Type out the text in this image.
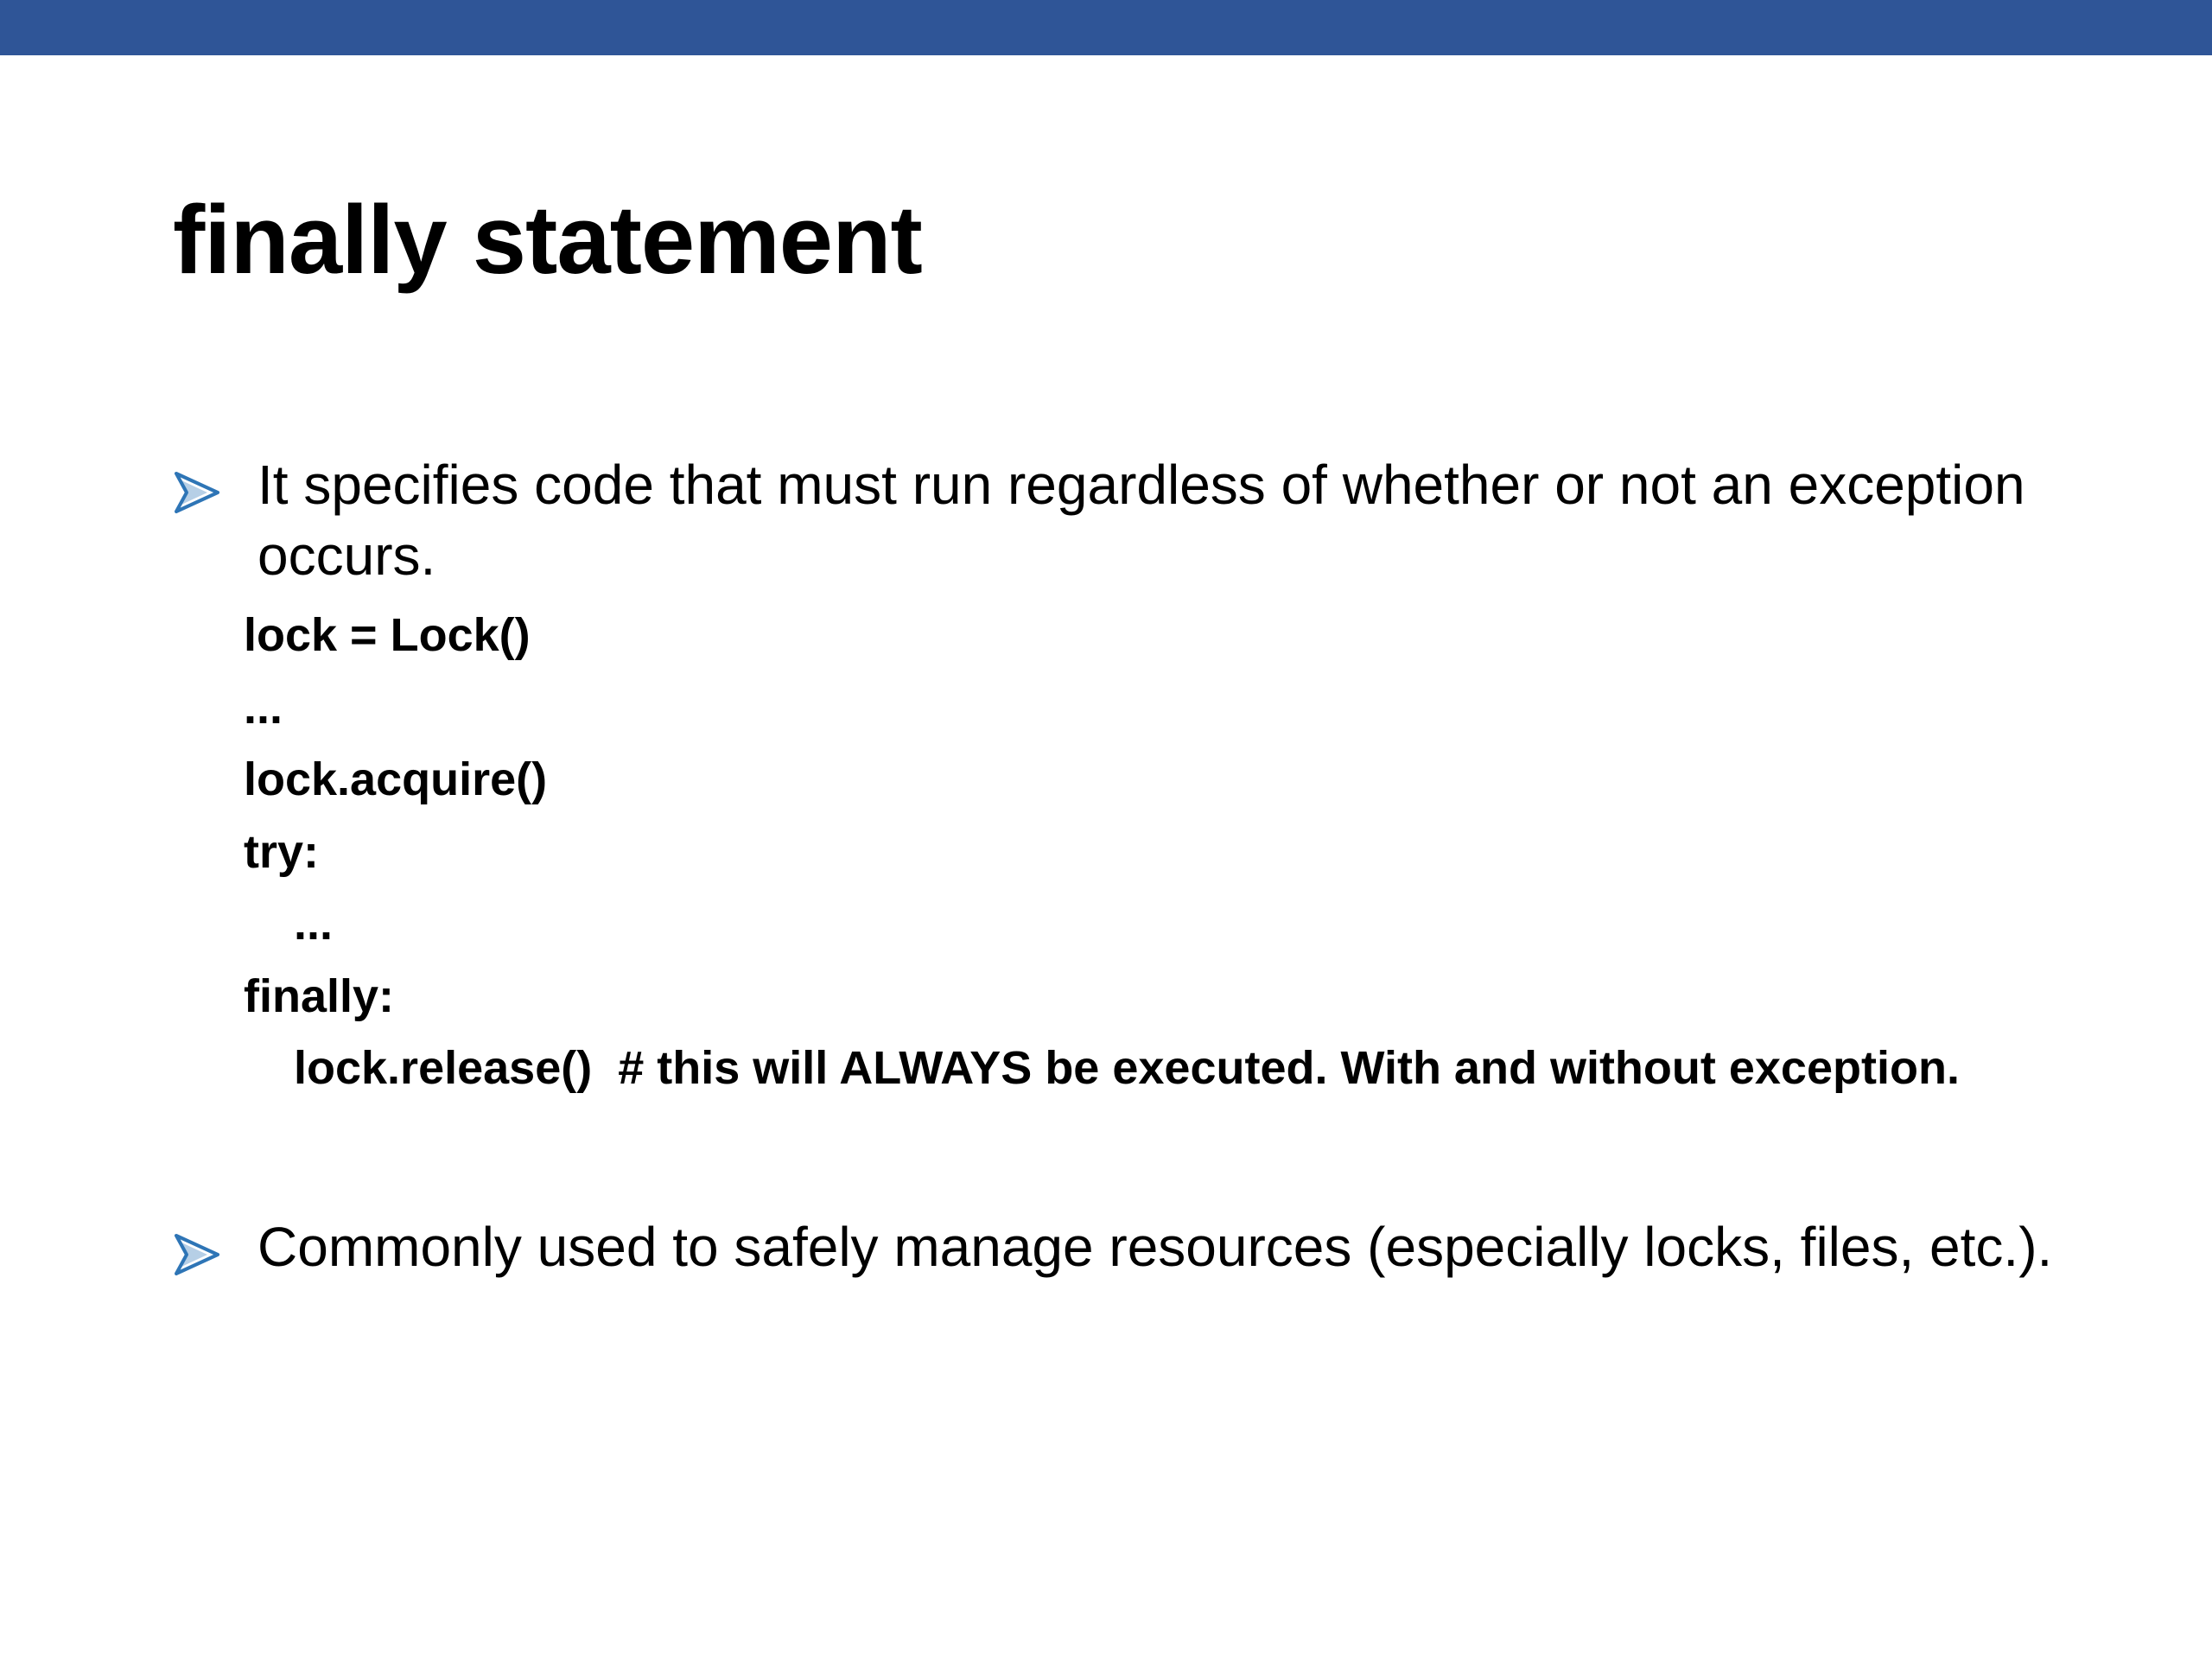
finally statement
It specifies code that must run regardless of whether or not an exception occurs.
lock = Lock()
...
lock.acquire()
try:
...
finally:
lock.release()  # this will ALWAYS be executed. With and without exception.
Commonly used to safely manage resources (especially locks, files, etc.).
